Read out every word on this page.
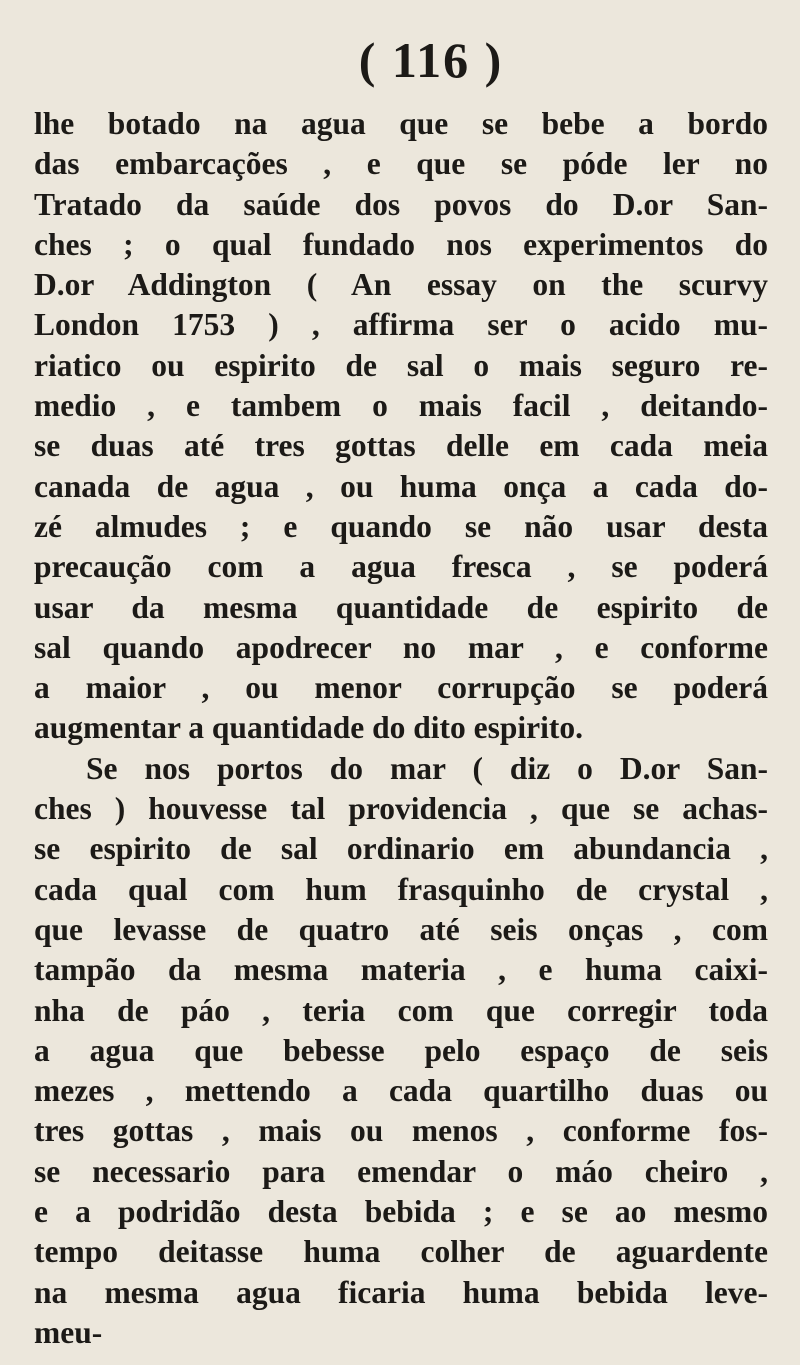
( 116 )
lhe botado na agua que se bebe a bordo
das embarcações , e que se póde ler no
Tratado da saúde dos povos do D.or San-
ches ; o qual fundado nos experimentos do
D.or Addington ( An essay on the scurvy
London 1753 ) , affirma ser o acido mu-
riatico ou espirito de sal o mais seguro re-
medio , e tambem o mais facil , deitando-
se duas até tres gottas delle em cada meia
canada de agua , ou huma onça a cada do-
zé almudes ; e quando se não usar desta
precaução com a agua fresca , se poderá
usar da mesma quantidade de espirito de
sal quando apodrecer no mar , e conforme
a maior , ou menor corrupção se poderá
augmentar a quantidade do dito espirito.
Se nos portos do mar ( diz o D.or San-
ches ) houvesse tal providencia , que se achas-
se espirito de sal ordinario em abundancia ,
cada qual com hum frasquinho de crystal ,
que levasse de quatro até seis onças , com
tampão da mesma materia , e huma caixi-
nha de páo , teria com que corregir toda
a agua que bebesse pelo espaço de seis
mezes , mettendo a cada quartilho duas ou
tres gottas , mais ou menos , conforme fos-
se necessario para emendar o máo cheiro ,
e a podridão desta bebida ; e se ao mesmo
tempo deitasse huma colher de aguardente
na mesma agua ficaria huma bebida leve-
meu-
